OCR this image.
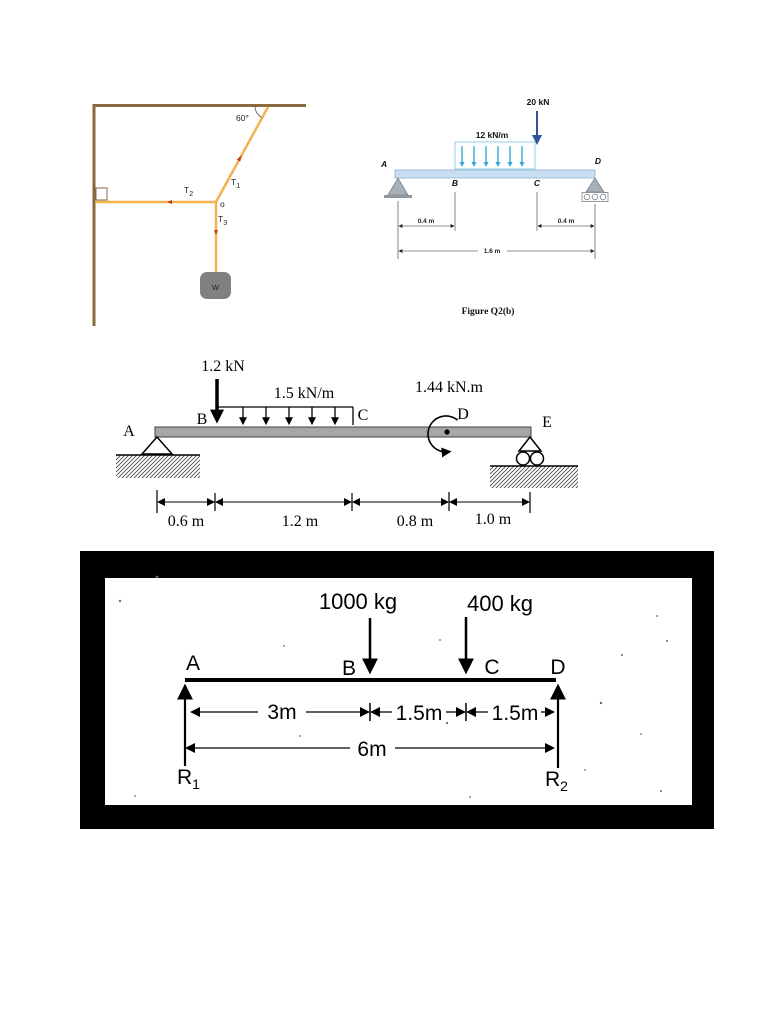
60°
$T_1$
$T_2$
o
$T_3$
W
12 kN/m
20 kN
A
B	C
D
0.4 m	0.4 m
1.6 m
Figure Q2(b)
1.2 kN
1.5 kN/m	1.44 kN.m
A
B	C	D	E
0.6 m	1.2 m	0.8 m	1.0 m
1000 kg	400 kg
A	B	C D
3m	1.5m 1.5m
6m
$R_1$	$R_2$
